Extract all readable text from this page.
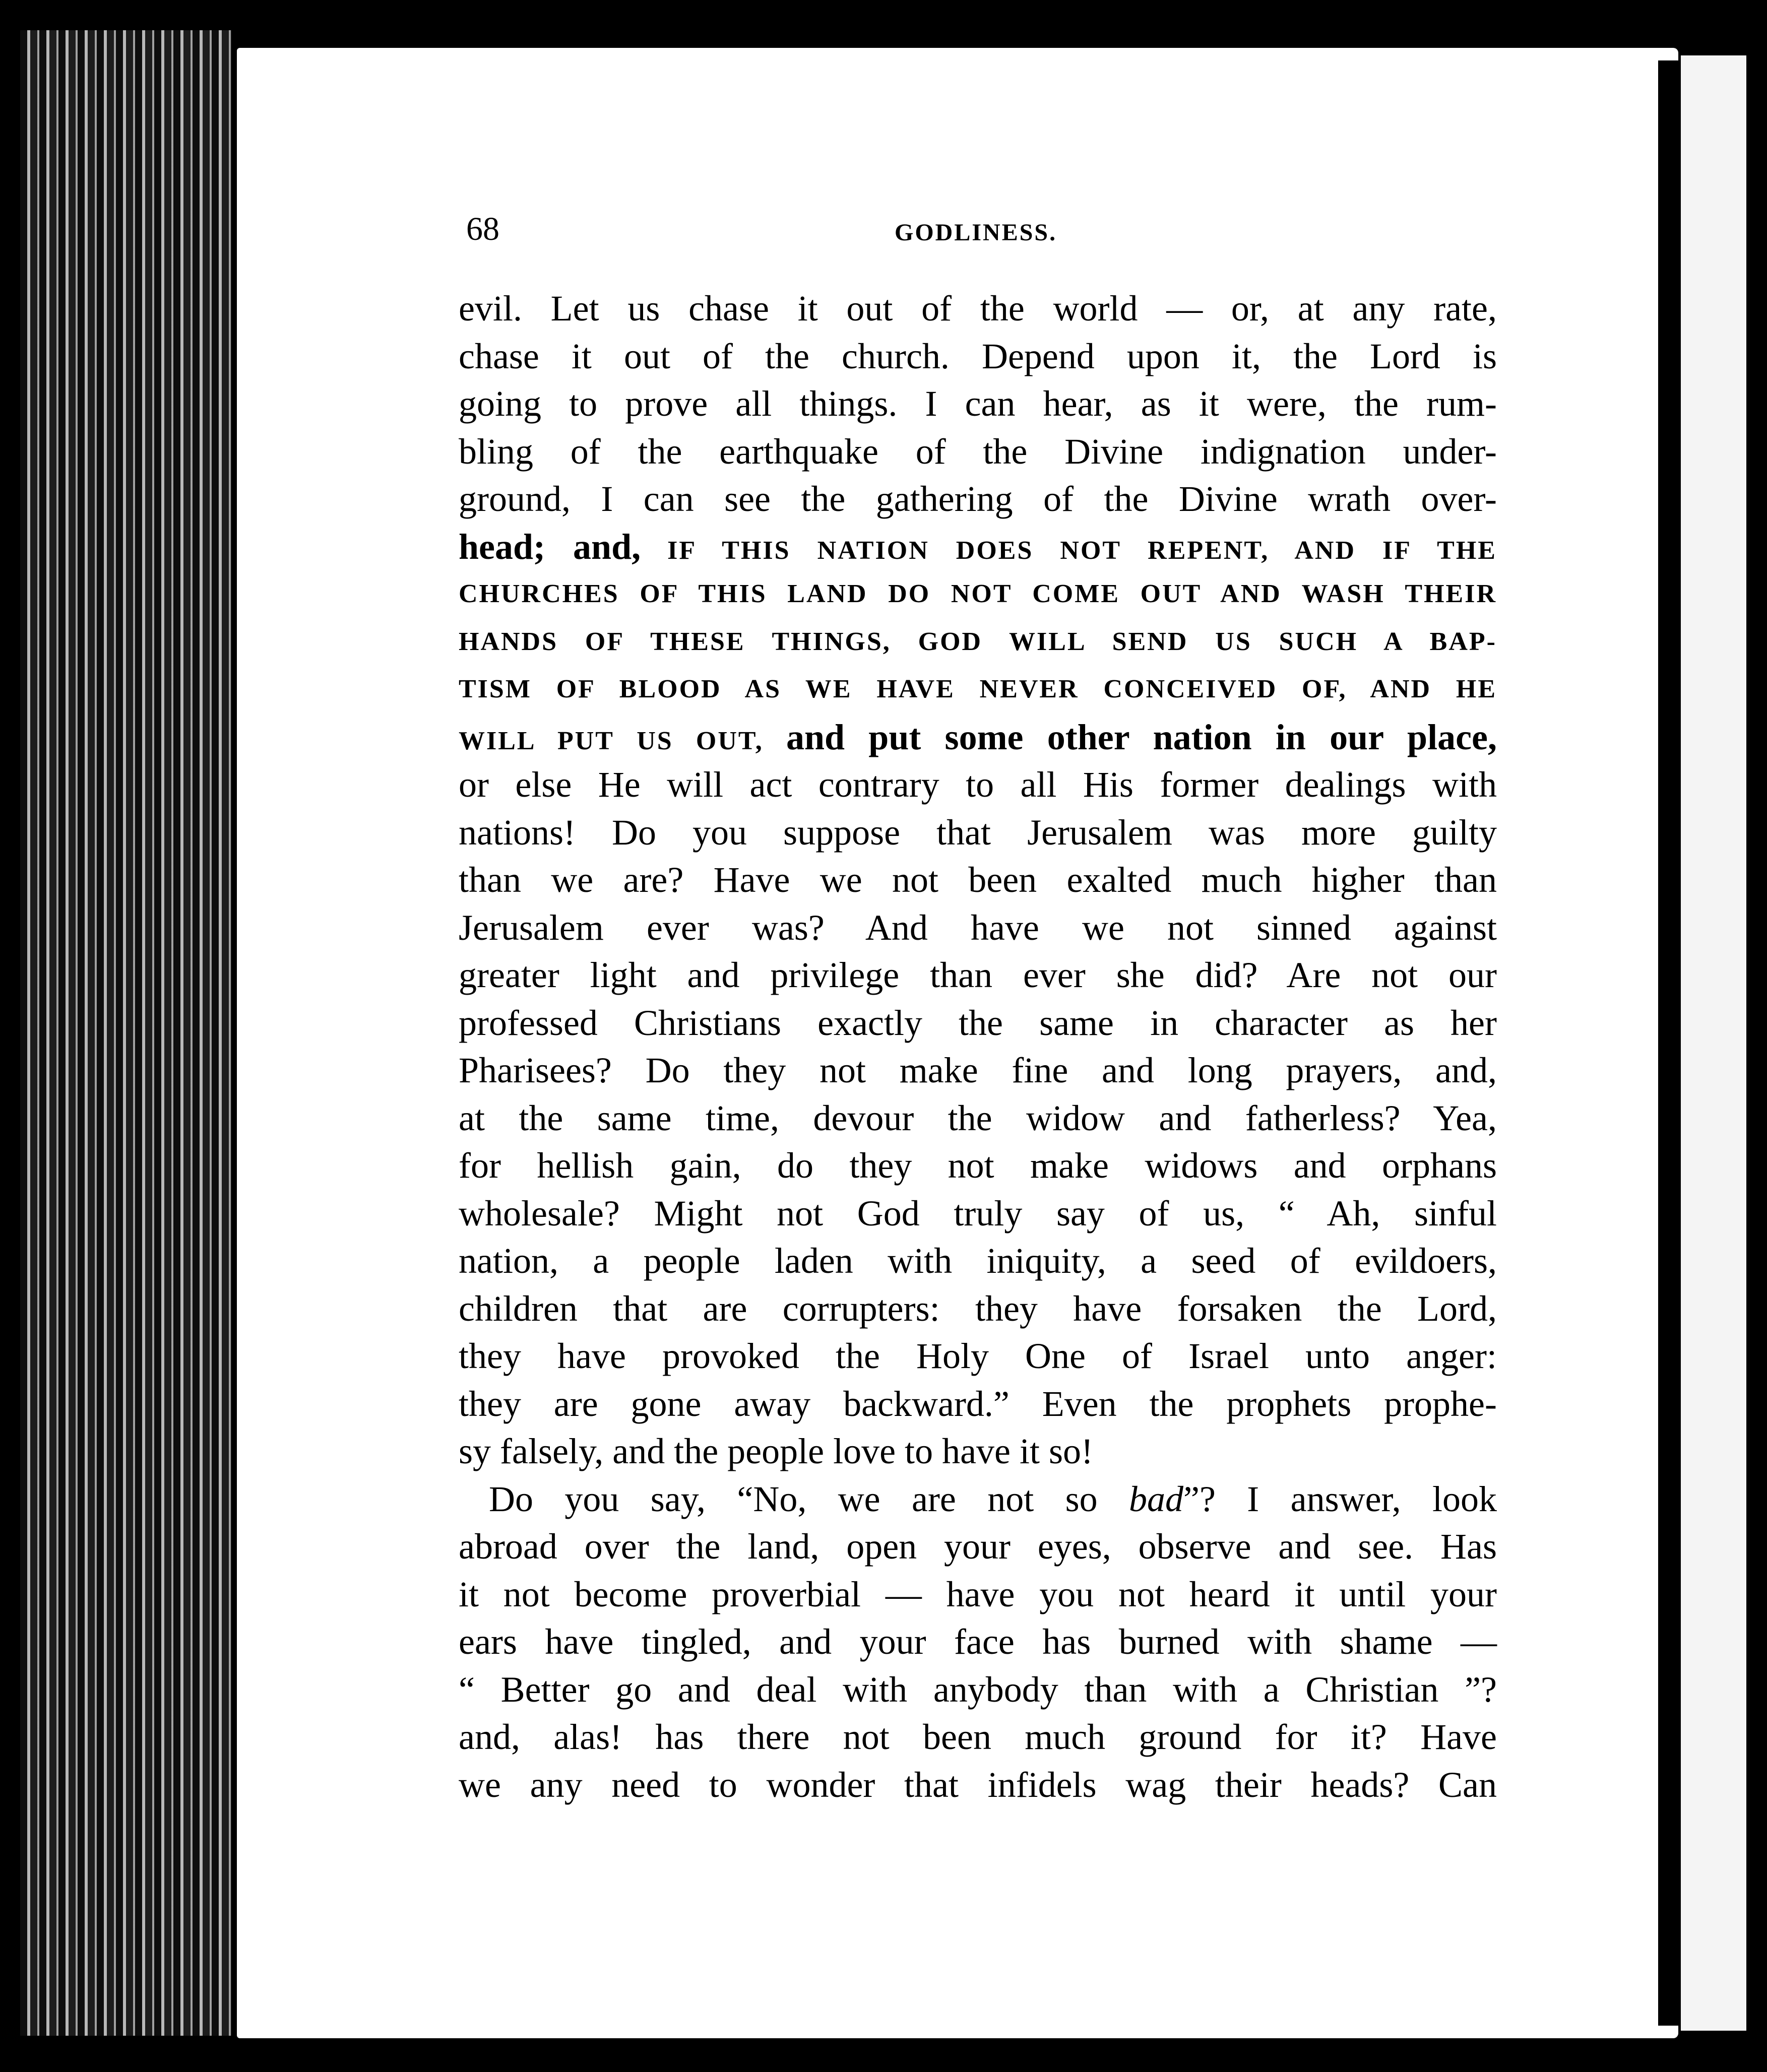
68	GODLINESS.
evil. Let us chase it out of the world — or, at any rate,
chase it out of the church. Depend upon it, the Lord is
going to prove all things. I can hear, as it were, the rum-
bling of the earthquake of the Divine indignation under-
ground, I can see the gathering of the Divine wrath over-
head; and, IF THIS NATION DOES NOT REPENT, AND IF THE
CHURCHES OF THIS LAND DO NOT COME OUT AND WASH THEIR
HANDS OF THESE THINGS, GOD WILL SEND US SUCH A BAP-
TISM OF BLOOD AS WE HAVE NEVER CONCEIVED OF, AND HE
WILL PUT US OUT, and put some other nation in our place,
or else He will act contrary to all His former dealings with
nations! Do you suppose that Jerusalem was more guilty
than we are? Have we not been exalted much higher than
Jerusalem ever was? And have we not sinned against
greater light and privilege than ever she did? Are not our
professed Christians exactly the same in character as her
Pharisees? Do they not make fine and long prayers, and,
at the same time, devour the widow and fatherless? Yea,
for hellish gain, do they not make widows and orphans
wholesale? Might not God truly say of us, “ Ah, sinful
nation, a people laden with iniquity, a seed of evildoers,
children that are corrupters: they have forsaken the Lord,
they have provoked the Holy One of Israel unto anger:
they are gone away backward.” Even the prophets prophe-
sy falsely, and the people love to have it so!
Do you say, “No, we are not so bad”? I answer, look
abroad over the land, open your eyes, observe and see. Has
it not become proverbial — have you not heard it until your
ears have tingled, and your face has burned with shame —
“ Better go and deal with anybody than with a Christian ”?
and, alas! has there not been much ground for it? Have
we any need to wonder that infidels wag their heads? Can
